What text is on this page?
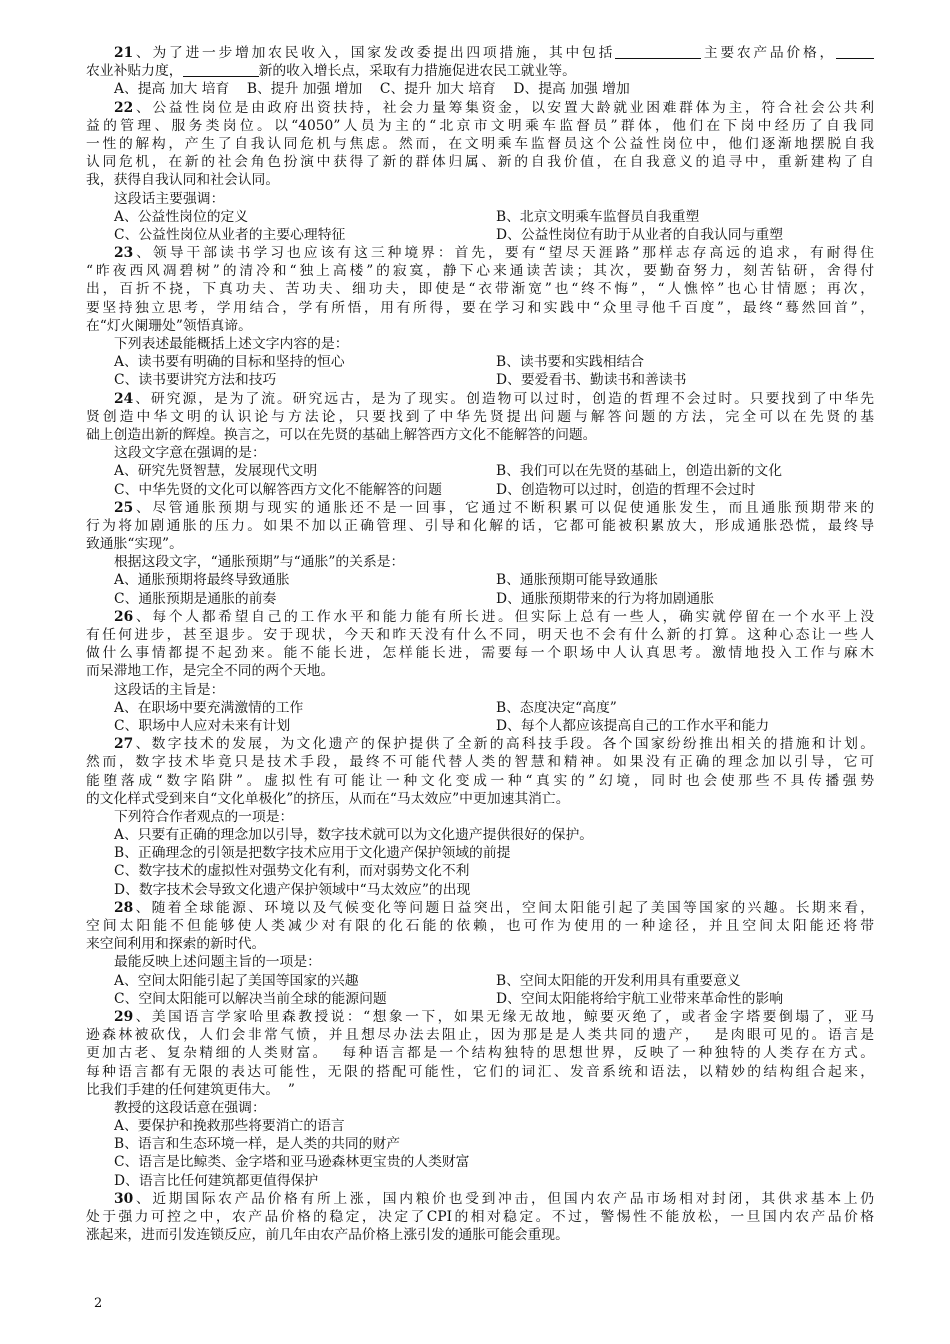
21、为了进一步增加农民收入，国家发改委提出四项措施，其中包括	主要农产品价格，
农业补贴力度，	新的收入增长点，采取有力措施促进农民工就业等。
A、提高 加大 培育    B、提升 加强 增加    C、提升 加大 培育    D、提高 加强 增加
22、公益性岗位是由政府出资扶持，社会力量筹集资金，以安置大龄就业困难群体为主，符合社会公共利
益的管理、服务类岗位。以“4050”人员为主的“北京市文明乘车监督员”群体，他们在下岗中经历了自我同
一性的解构，产生了自我认同危机与焦虑。然而，在文明乘车监督员这个公益性岗位中，他们逐渐地摆脱自我
认同危机，在新的社会角色扮演中获得了新的群体归属、新的自我价值，在自我意义的追寻中，重新建构了自
我，获得自我认同和社会认同。
这段话主要强调：
A、公益性岗位的定义	B、北京文明乘车监督员自我重塑
C、公益性岗位从业者的主要心理特征	D、公益性岗位有助于从业者的自我认同与重塑
23、领导干部读书学习也应该有这三种境界：首先，要有“望尽天涯路”那样志存高远的追求，有耐得住
“昨夜西风凋碧树”的清冷和“独上高楼”的寂寞，静下心来通读苦读；其次，要勤奋努力，刻苦钻研，舍得付
出，百折不挠，下真功夫、苦功夫、细功夫，即使是“衣带渐宽”也“终不悔”，“人憔悴”也心甘情愿；再次，
要坚持独立思考，学用结合，学有所悟，用有所得，要在学习和实践中“众里寻他千百度”，最终“蓦然回首”，
在“灯火阑珊处”领悟真谛。
下列表述最能概括上述文字内容的是：
A、读书要有明确的目标和坚持的恒心	B、读书要和实践相结合
C、读书要讲究方法和技巧	D、要爱看书、勤读书和善读书
24、研究源，是为了流。研究远古，是为了现实。创造物可以过时，创造的哲理不会过时。只要找到了中华先
贤创造中华文明的认识论与方法论，只要找到了中华先贤提出问题与解答问题的方法，完全可以在先贤的基
础上创造出新的辉煌。换言之，可以在先贤的基础上解答西方文化不能解答的问题。
这段文字意在强调的是：
A、研究先贤智慧，发展现代文明	B、我们可以在先贤的基础上，创造出新的文化
C、中华先贤的文化可以解答西方文化不能解答的问题	D、创造物可以过时，创造的哲理不会过时
25、尽管通胀预期与现实的通胀还不是一回事，它通过不断积累可以促使通胀发生，而且通胀预期带来的
行为将加剧通胀的压力。如果不加以正确管理、引导和化解的话，它都可能被积累放大，形成通胀恐慌，最终导
致通胀“实现”。
根据这段文字，“通胀预期”与“通胀”的关系是：
A、通胀预期将最终导致通胀	B、通胀预期可能导致通胀
C、通胀预期是通胀的前奏	D、通胀预期带来的行为将加剧通胀
26、每个人都希望自己的工作水平和能力能有所长进。但实际上总有一些人，确实就停留在一个水平上没
有任何进步，甚至退步。安于现状，今天和昨天没有什么不同，明天也不会有什么新的打算。这种心态让一些人
做什么事情都提不起劲来。能不能长进，怎样能长进，需要每一个职场中人认真思考。激情地投入工作与麻木
而呆滞地工作，是完全不同的两个天地。
这段话的主旨是：
A、在职场中要充满激情的工作	B、态度决定“高度”
C、职场中人应对未来有计划	D、每个人都应该提高自己的工作水平和能力
27、数字技术的发展，为文化遗产的保护提供了全新的高科技手段。各个国家纷纷推出相关的措施和计划。
然而，数字技术毕竟只是技术手段，最终不可能代替人类的智慧和精神。如果没有正确的理念加以引导，它可
能堕落成“数字陷阱”。虚拟性有可能让一种文化变成一种“真实的”幻境，同时也会使那些不具传播强势
的文化样式受到来自“文化单极化”的挤压，从而在“马太效应”中更加速其消亡。
下列符合作者观点的一项是：
A、只要有正确的理念加以引导，数字技术就可以为文化遗产提供很好的保护。
B、正确理念的引领是把数字技术应用于文化遗产保护领域的前提
C、数字技术的虚拟性对强势文化有利，而对弱势文化不利
D、数字技术会导致文化遗产保护领域中“马太效应”的出现
28、随着全球能源、环境以及气候变化等问题日益突出，空间太阳能引起了美国等国家的兴趣。长期来看，
空间太阳能不但能够使人类减少对有限的化石能的依赖，也可作为使用的一种途径，并且空间太阳能还将带
来空间利用和探索的新时代。
最能反映上述问题主旨的一项是：
A、空间太阳能引起了美国等国家的兴趣	B、空间太阳能的开发利用具有重要意义
C、空间太阳能可以解决当前全球的能源问题	D、空间太阳能将给宇航工业带来革命性的影响
29、美国语言学家哈里森教授说：“想象一下，如果无缘无故地，鲸要灭绝了，或者金字塔要倒塌了，亚马
逊森林被砍伐，人们会非常气愤，并且想尽办法去阻止，因为那是是人类共同的遗产，  是肉眼可见的。语言是
更加古老、复杂精细的人类财富。  每种语言都是一个结构独特的思想世界，反映了一种独特的人类存在方式。
每种语言都有无限的表达可能性，无限的搭配可能性，它们的词汇、发音系统和语法，以精妙的结构组合起来，
比我们手建的任何建筑更伟大。  ”
教授的这段话意在强调：
A、要保护和挽救那些将要消亡的语言
B、语言和生态环境一样，是人类的共同的财产
C、语言是比鲸类、金字塔和亚马逊森林更宝贵的人类财富
D、语言比任何建筑都更值得保护
30、近期国际农产品价格有所上涨，国内粮价也受到冲击，但国内农产品市场相对封闭，其供求基本上仍
处于强力可控之中，农产品价格的稳定，决定了CPI的相对稳定。不过，警惕性不能放松，一旦国内农产品价格
涨起来，进而引发连锁反应，前几年由农产品价格上涨引发的通胀可能会重现。
2
